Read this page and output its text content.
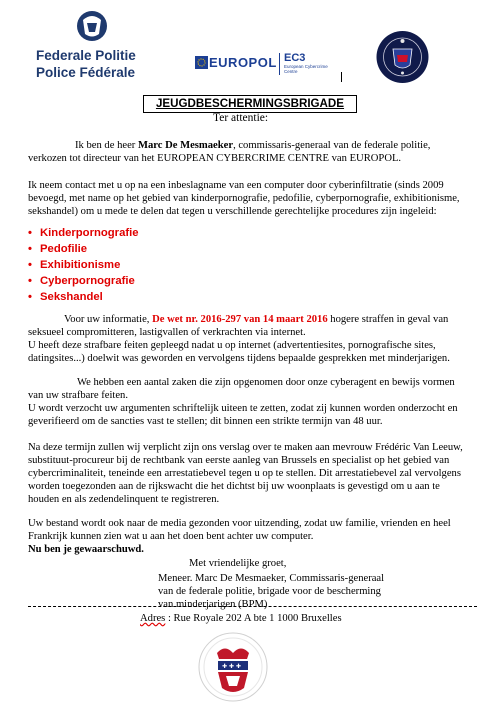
Federale Politie
Police Fédérale
EUROPOL EC3
European Cybercrime
Centre
JEUGDBESCHERMINGSBRIGADE
Ter attentie:
Ik ben de heer Marc De Mesmaeker, commissaris-generaal van de federale politie,
verkozen tot directeur van het EUROPEAN CYBERCRIME CENTRE van EUROPOL.
Ik neem contact met u op na een inbeslagname van een computer door cyberinfiltratie (sinds 2009
bevoegd, met name op het gebied van kinderpornografie, pedofilie, cyberpornografie, exhibitionisme,
sekshandel) om u mede te delen dat tegen u verschillende gerechtelijke procedures zijn ingeleid:
• Kinderpornografie
• Pedofilie
• Exhibitionisme
• Cyberpornografie
• Sekshandel
Voor uw informatie, De wet nr. 2016-297 van 14 maart 2016 hogere straffen in geval van
seksueel compromitteren, lastigvallen of verkrachten via internet.
U heeft deze strafbare feiten gepleegd nadat u op internet (advertentiesites, pornografische sites,
datingsites...) doelwit was geworden en vervolgens tijdens bepaalde gesprekken met minderjarigen.
We hebben een aantal zaken die zijn opgenomen door onze cyberagent en bewijs vormen
van uw strafbare feiten.
U wordt verzocht uw argumenten schriftelijk uiteen te zetten, zodat zij kunnen worden onderzocht en
geverifieerd om de sancties vast te stellen; dit binnen een strikte termijn van 48 uur.
Na deze termijn zullen wij verplicht zijn ons verslag over te maken aan mevrouw Frédéric Van Leeuw,
substituut-procureur bij de rechtbank van eerste aanleg van Brussels en specialist op het gebied van
cybercriminaliteit, teneinde een arrestatiebevel tegen u op te stellen. Dit arrestatiebevel zal vervolgens
worden toegezonden aan de rijkswacht die het dichtst bij uw woonplaats is gevestigd om u aan te
houden en als zedendelinquent te registreren.
Uw bestand wordt ook naar de media gezonden voor uitzending, zodat uw familie, vrienden en heel
Frankrijk kunnen zien wat u aan het doen bent achter uw computer.
Nu ben je gewaarschuwd.
Met vriendelijke groet,
Meneer. Marc De Mesmaeker, Commissaris-generaal
van de federale politie, brigade voor de bescherming
van minderjarigen (BPM)
Adres : Rue Royale 202 A bte 1 1000 Bruxelles
✚ ✚ ✚
